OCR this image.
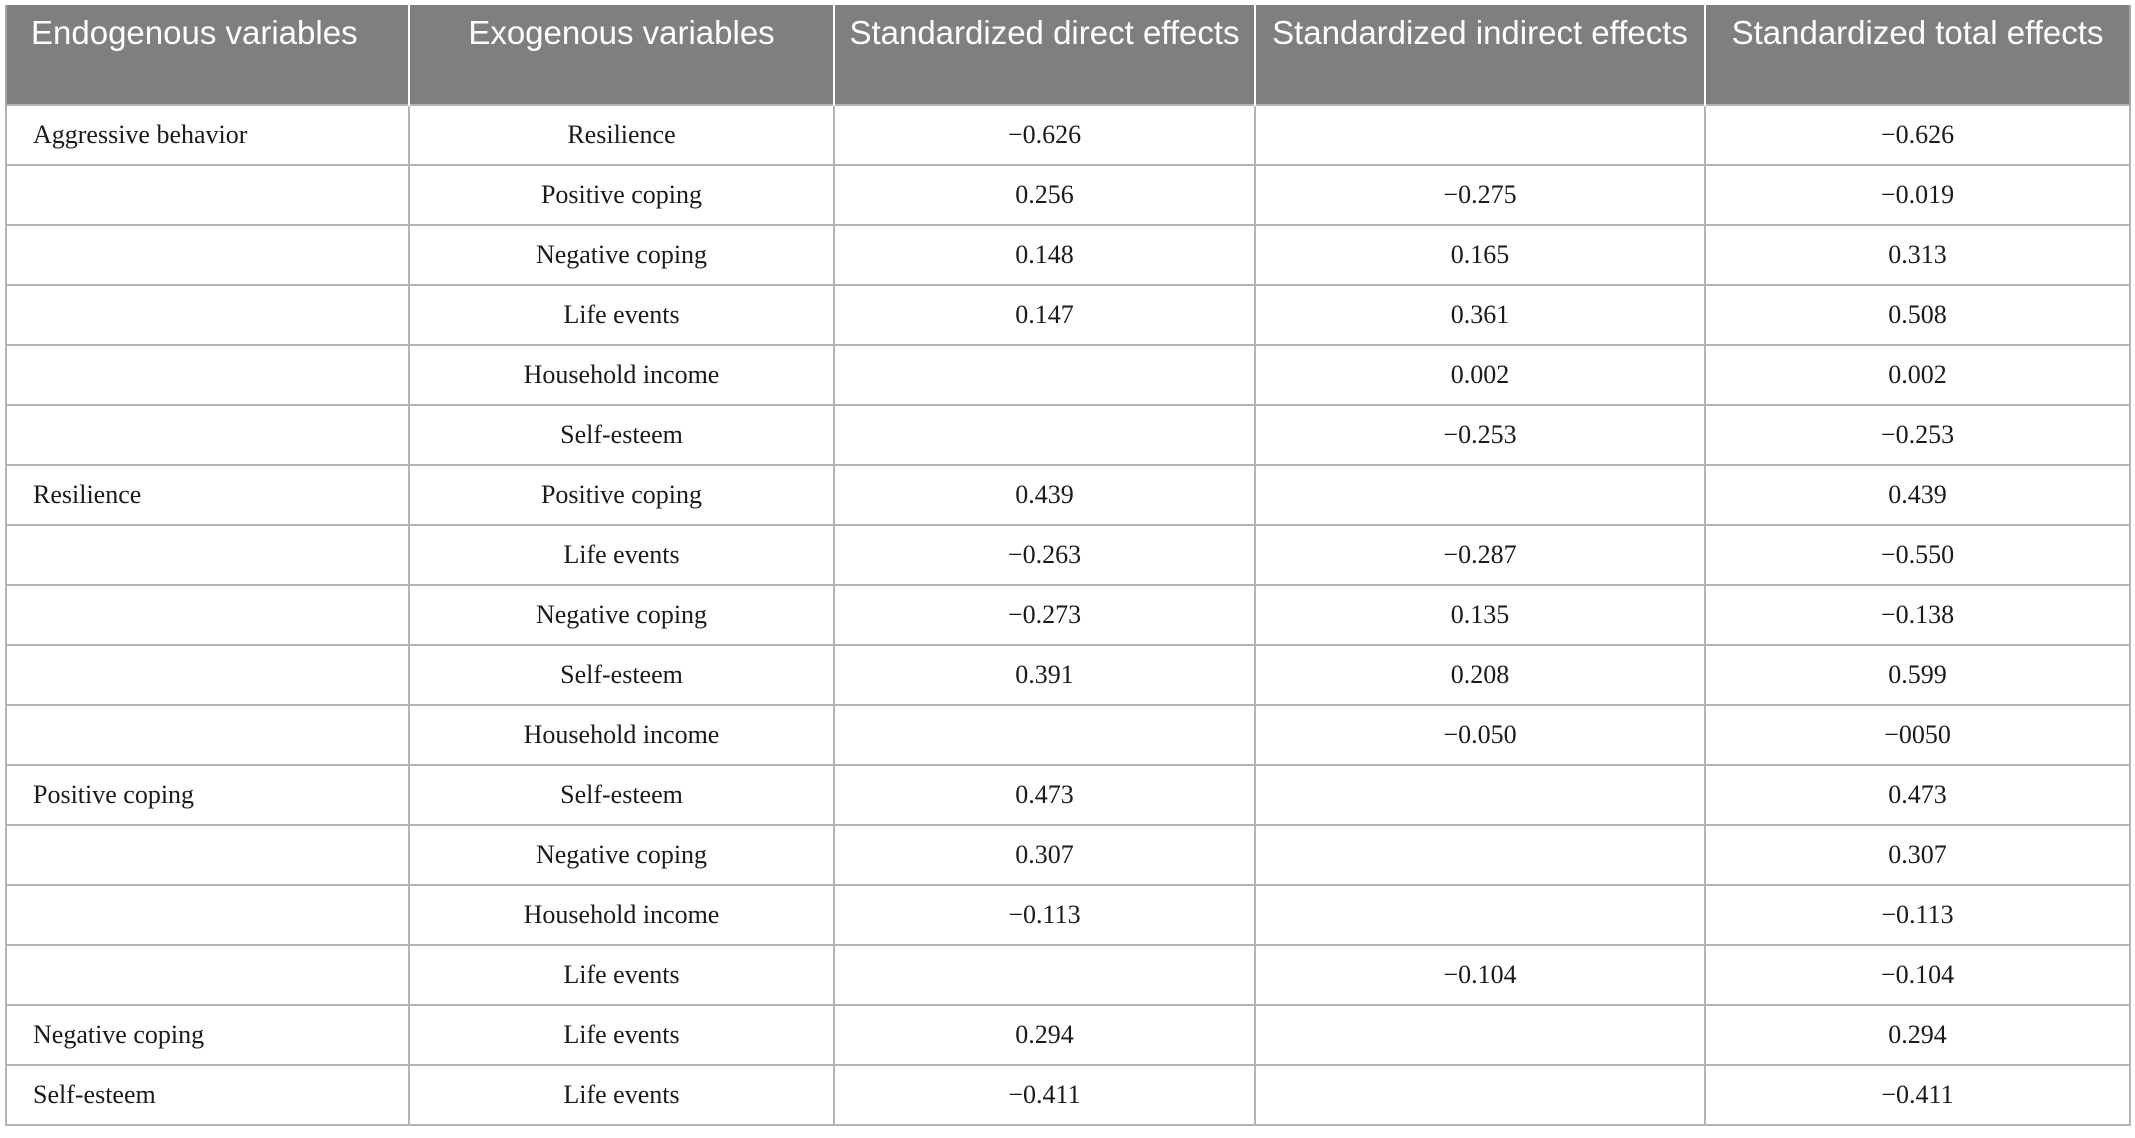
Endogenous variables	Exogenous variables	Standardized direct effects	Standardized indirect effects	Standardized total effects
Aggressive behavior	Resilience	−0.626		−0.626
	Positive coping	0.256	−0.275	−0.019
	Negative coping	0.148	0.165	0.313
	Life events	0.147	0.361	0.508
	Household income		0.002	0.002
	Self-esteem		−0.253	−0.253
Resilience	Positive coping	0.439		0.439
	Life events	−0.263	−0.287	−0.550
	Negative coping	−0.273	0.135	−0.138
	Self-esteem	0.391	0.208	0.599
	Household income		−0.050	−0050
Positive coping	Self-esteem	0.473		0.473
	Negative coping	0.307		0.307
	Household income	−0.113		−0.113
	Life events		−0.104	−0.104
Negative coping	Life events	0.294		0.294
Self-esteem	Life events	−0.411		−0.411
